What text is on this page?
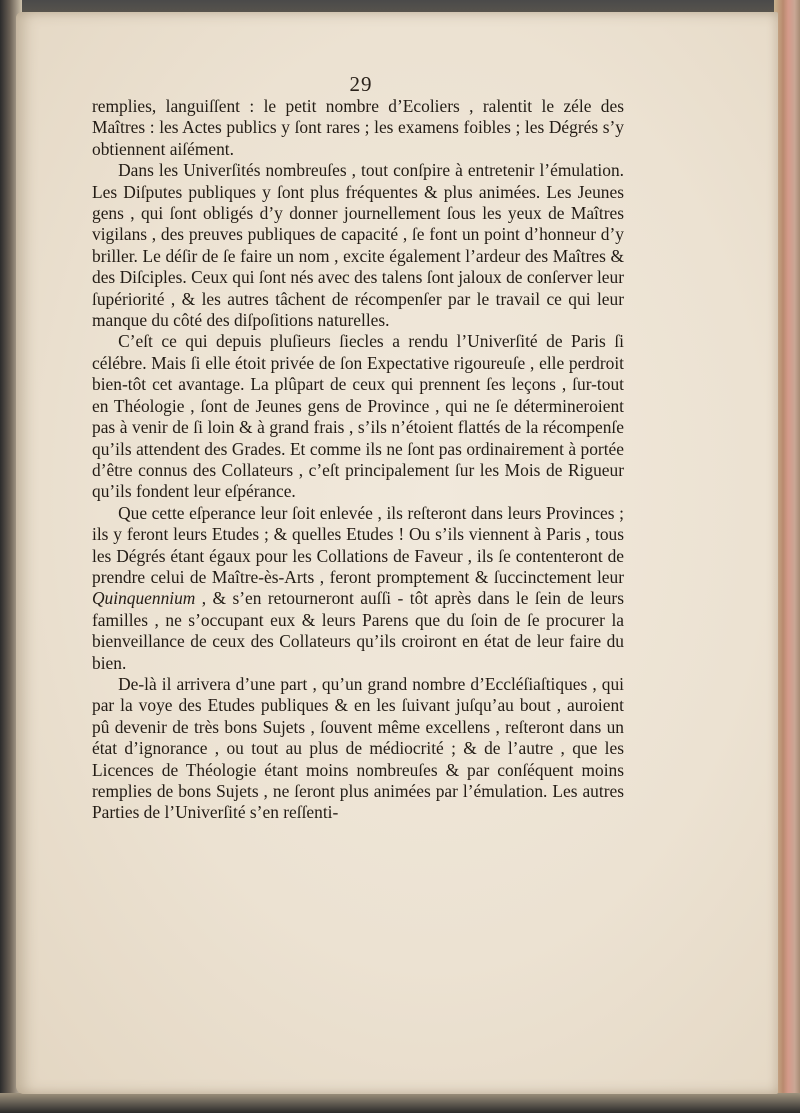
29

remplies, languiſſent : le petit nombre d’Ecoliers , ralentit le zéle des Maîtres : les Actes publics y ſont rares ; les examens foibles ; les Dégrés s’y obtiennent aiſément.

Dans les Univerſités nombreuſes , tout conſpire à entretenir l’émulation. Les Diſputes publiques y ſont plus fréquentes & plus animées. Les Jeunes gens , qui ſont obligés d’y donner journellement ſous les yeux de Maîtres vigilans , des preuves publiques de capacité , ſe font un point d’honneur d’y briller. Le déſir de ſe faire un nom , excite également l’ardeur des Maîtres & des Diſciples. Ceux qui ſont nés avec des talens ſont jaloux de conſerver leur ſupériorité , & les autres tâchent de récompenſer par le travail ce qui leur manque du côté des diſpoſitions naturelles.

C’eſt ce qui depuis pluſieurs ſiecles a rendu l’Univerſité de Paris ſi célébre. Mais ſi elle étoit privée de ſon Expectative rigoureuſe , elle perdroit bien-tôt cet avantage. La plûpart de ceux qui prennent ſes leçons , ſur-tout en Théologie , ſont de Jeunes gens de Province , qui ne ſe détermineroient pas à venir de ſi loin & à grand frais , s’ils n’étoient flattés de la récompenſe qu’ils attendent des Grades. Et comme ils ne ſont pas ordinairement à portée d’être connus des Collateurs , c’eſt principalement ſur les Mois de Rigueur qu’ils fondent leur eſpérance.

Que cette eſperance leur ſoit enlevée , ils reſteront dans leurs Provinces ; ils y feront leurs Etudes ; & quelles Etudes ! Ou s’ils viennent à Paris , tous les Dégrés étant égaux pour les Collations de Faveur , ils ſe contenteront de prendre celui de Maître-ès-Arts , feront promptement & ſuccinctement leur Quinquennium , & s’en retourneront auſſi - tôt après dans le ſein de leurs familles , ne s’occupant eux & leurs Parens que du ſoin de ſe procurer la bienveillance de ceux des Collateurs qu’ils croiront en état de leur faire du bien.

De-là il arrivera d’une part , qu’un grand nombre d’Eccléſiaſtiques , qui par la voye des Etudes publiques & en les ſuivant juſqu’au bout , auroient pû devenir de très bons Sujets , ſouvent même excellens , reſteront dans un état d’ignorance , ou tout au plus de médiocrité ; & de l’autre , que les Licences de Théologie étant moins nombreuſes & par conſéquent moins remplies de bons Sujets , ne ſeront plus animées par l’émulation. Les autres Parties de l’Univerſité s’en reſſenti-
